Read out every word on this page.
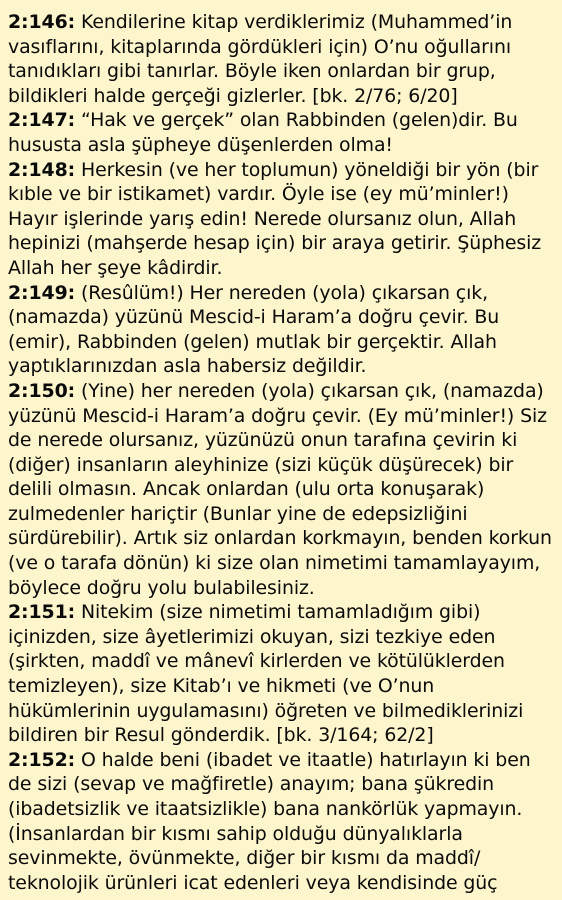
2:146: Kendilerine kitap verdiklerimiz (Muhammed’in vasıflarını, kitaplarında gördükleri için) O’nu oğullarını tanıdıkları gibi tanırlar. Böyle iken onlardan bir grup, bildikleri halde gerçeği gizlerler. [bk. 2/76; 6/20]

2:147: “Hak ve gerçek” olan Rabbinden (gelen)dir. Bu hususta asla şüpheye düşenlerden olma!

2:148: Herkesin (ve her toplumun) yöneldiği bir yön (bir kıble ve bir istikamet) vardır. Öyle ise (ey mü’minler!) Hayır işlerinde yarış edin! Nerede olursanız olun, Allah hepinizi (mahşerde hesap için) bir araya getirir. Şüphesiz Allah her şeye kâdirdir.

2:149: (Resûlüm!) Her nereden (yola) çıkarsan çık, (namazda) yüzünü Mescid-i Haram’a doğru çevir. Bu (emir), Rabbinden (gelen) mutlak bir gerçektir. Allah yaptıklarınızdan asla habersiz değildir.

2:150: (Yine) her nereden (yola) çıkarsan çık, (namazda) yüzünü Mescid-i Haram’a doğru çevir. (Ey mü’minler!) Siz de nerede olursanız, yüzünüzü onun tarafına çevirin ki (diğer) insanların aleyhinize (sizi küçük düşürecek) bir delili olmasın. Ancak onlardan (ulu orta konuşarak) zulmedenler hariçtir (Bunlar yine de edepsizliğini sürdürebilir). Artık siz onlardan korkmayın, benden korkun (ve o tarafa dönün) ki size olan nimetimi tamamlayayım, böylece doğru yolu bulabilesiniz.

2:151: Nitekim (size nimetimi tamamladığım gibi) içinizden, size âyetlerimizi okuyan, sizi tezkiye eden (şirkten, maddî ve mânevî kirlerden ve kötülüklerden temizleyen), size Kitab’ı ve hikmeti (ve O’nun hükümlerinin uygulamasını) öğreten ve bilmediklerinizi bildiren bir Resul gönderdik. [bk. 3/164; 62/2]

2:152: O halde beni (ibadet ve itaatle) hatırlayın ki ben de sizi (sevap ve mağfiretle) anayım; bana şükredin (ibadetsizlik ve itaatsizlikle) bana nankörlük yapmayın. (İnsanlardan bir kısmı sahip olduğu dünyalıklarla sevinmekte, övünmekte, diğer bir kısmı da maddî/ teknolojik ürünleri icat edenleri veya kendisinde güç
